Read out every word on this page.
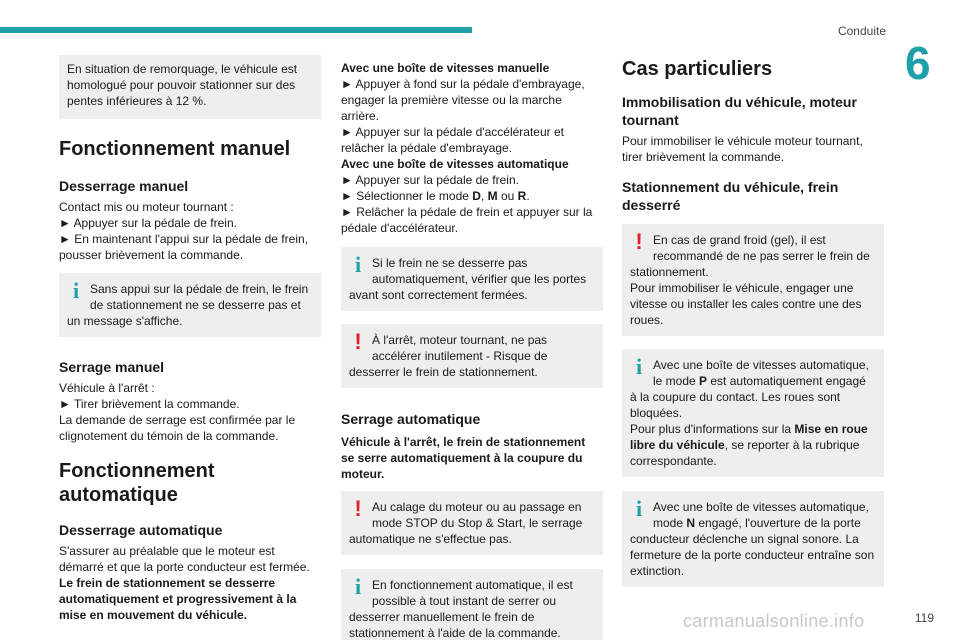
Conduite
6

En situation de remorquage, le véhicule est

homologué pour pouvoir stationner sur des

pentes inférieures à 12 %.

Fonctionnement manuel
Desserrage manuel

Contact mis ou moteur tournant :

► Appuyer sur la pédale de frein.

► En maintenant l'appui sur la pédale de frein,

pousser brièvement la commande.

i Sans appui sur la pédale de frein, le frein

de stationnement ne se desserre pas et

un message s'affiche.

Serrage manuel

Véhicule à l'arrêt :

► Tirer brièvement la commande.

La demande de serrage est confirmée par le

clignotement du témoin de la commande.

Fonctionnement
automatique
Desserrage automatique

S'assurer au préalable que le moteur est

démarré et que la porte conducteur est fermée.

Le frein de stationnement se desserre

automatiquement et progressivement à la

mise en mouvement du véhicule.

Avec une boîte de vitesses manuelle

► Appuyer à fond sur la pédale d'embrayage,

engager la première vitesse ou la marche

arrière.

► Appuyer sur la pédale d'accélérateur et

relâcher la pédale d'embrayage.

Avec une boîte de vitesses automatique

► Appuyer sur la pédale de frein.

► Sélectionner le mode D, M ou R.

► Relâcher la pédale de frein et appuyer sur la

pédale d'accélérateur.

i Si le frein ne se desserre pas

automatiquement, vérifier que les portes

avant sont correctement fermées.

! À l'arrêt, moteur tournant, ne pas

accélérer inutilement - Risque de

desserrer le frein de stationnement.

Serrage automatique

Véhicule à l'arrêt, le frein de stationnement

se serre automatiquement à la coupure du

moteur.

! Au calage du moteur ou au passage en

mode STOP du Stop & Start, le serrage

automatique ne s'effectue pas.

i En fonctionnement automatique, il est

possible à tout instant de serrer ou

desserrer manuellement le frein de

stationnement à l'aide de la commande.

Cas particuliers
Immobilisation du véhicule, moteur
tournant

Pour immobiliser le véhicule moteur tournant,

tirer brièvement la commande.

Stationnement du véhicule, frein
desserré
! En cas de grand froid (gel), il est

recommandé de ne pas serrer le frein de

stationnement.

Pour immobiliser le véhicule, engager une

vitesse ou installer les cales contre une des

roues.

i Avec une boîte de vitesses automatique,

le mode P est automatiquement engagé

à la coupure du contact. Les roues sont

bloquées.

Pour plus d'informations sur la Mise en roue

libre du véhicule, se reporter à la rubrique

correspondante.

i Avec une boîte de vitesses automatique,

mode N engagé, l'ouverture de la porte

conducteur déclenche un signal sonore. La

fermeture de la porte conducteur entraîne son

extinction.

carmanualsonline.info	119
